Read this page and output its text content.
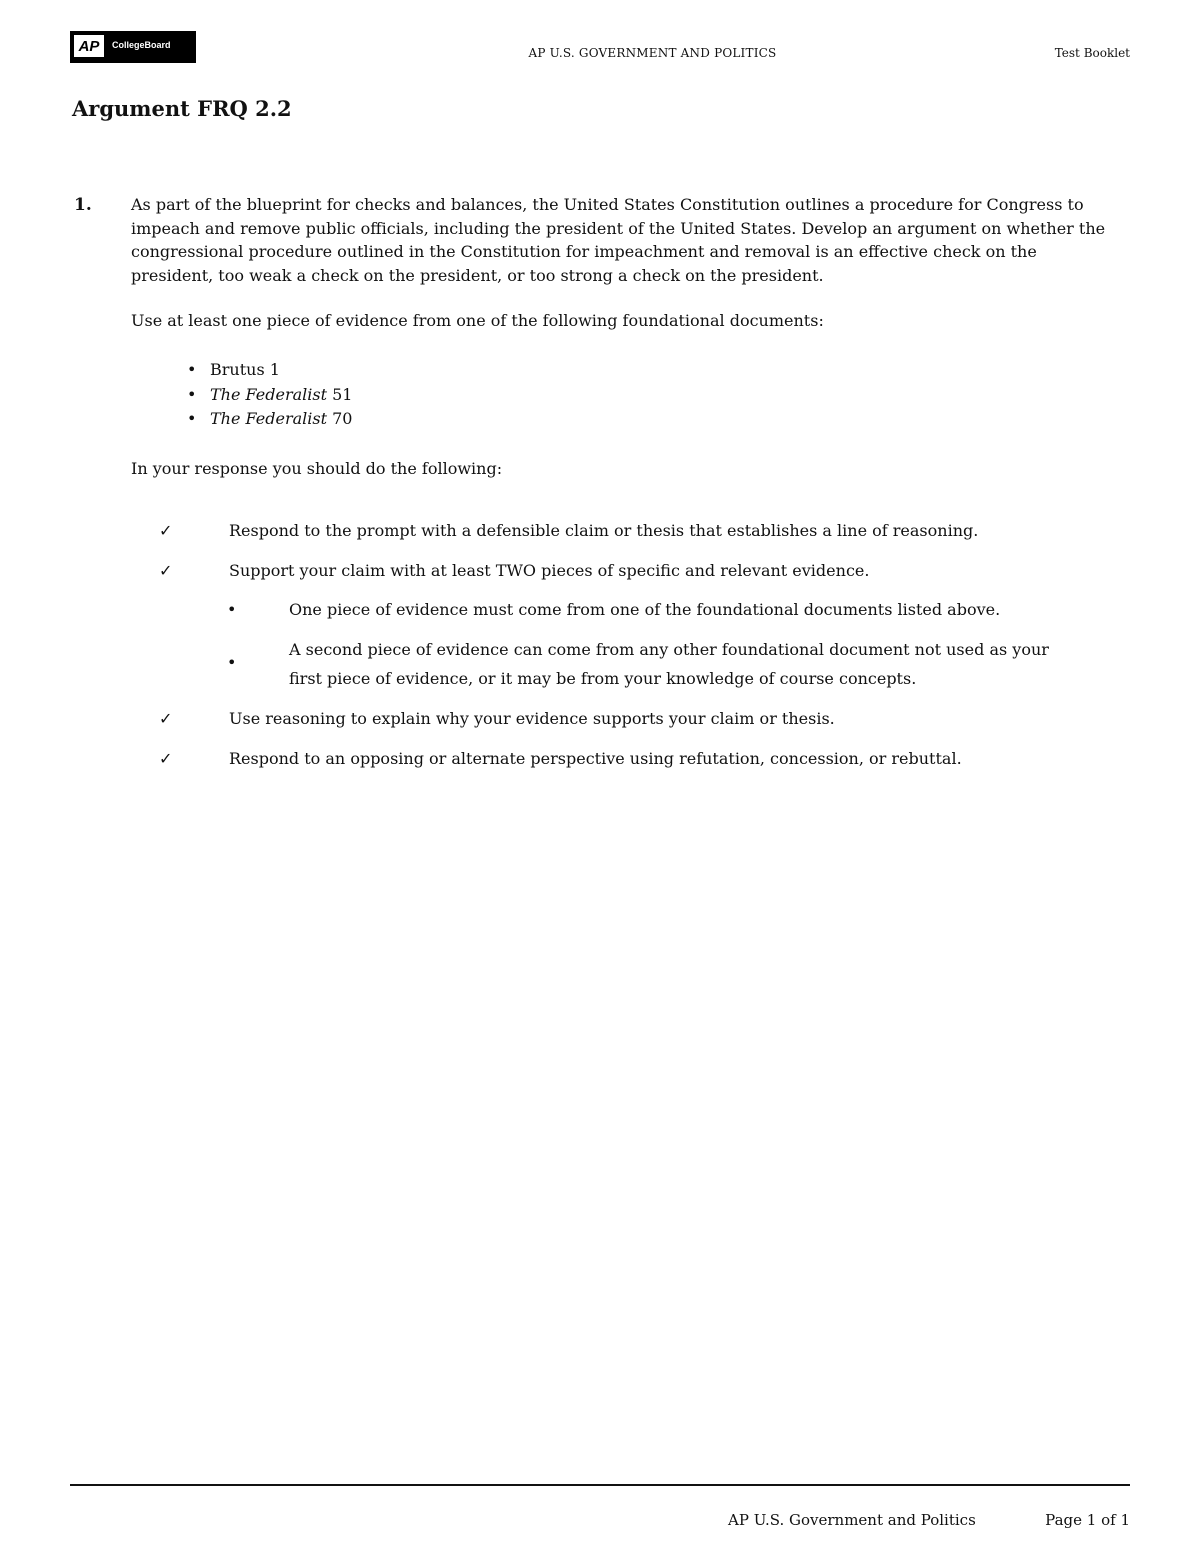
AP	CollegeBoard
AP U.S. GOVERNMENT AND POLITICS	Test Booklet
Argument FRQ 2.2
1. As part of the blueprint for checks and balances, the United States Constitution outlines a procedure for Congress to impeach and remove public officials, including the president of the United States. Develop an argument on whether the congressional procedure outlined in the Constitution for impeachment and removal is an effective check on the president, too weak a check on the president, or too strong a check on the president.

Use at least one piece of evidence from one of the following foundational documents:

• Brutus 1
• The Federalist 51
• The Federalist 70

In your response you should do the following:

✓	Respond to the prompt with a defensible claim or thesis that establishes a line of reasoning.
✓	Support your claim with at least TWO pieces of specific and relevant evidence.
•	One piece of evidence must come from one of the foundational documents listed above.
•
A second piece of evidence can come from any other foundational document not used as your first piece of evidence, or it may be from your knowledge of course concepts.
✓	Use reasoning to explain why your evidence supports your claim or thesis.
✓	Respond to an opposing or alternate perspective using refutation, concession, or rebuttal.
AP U.S. Government and Politics	Page 1 of 1
